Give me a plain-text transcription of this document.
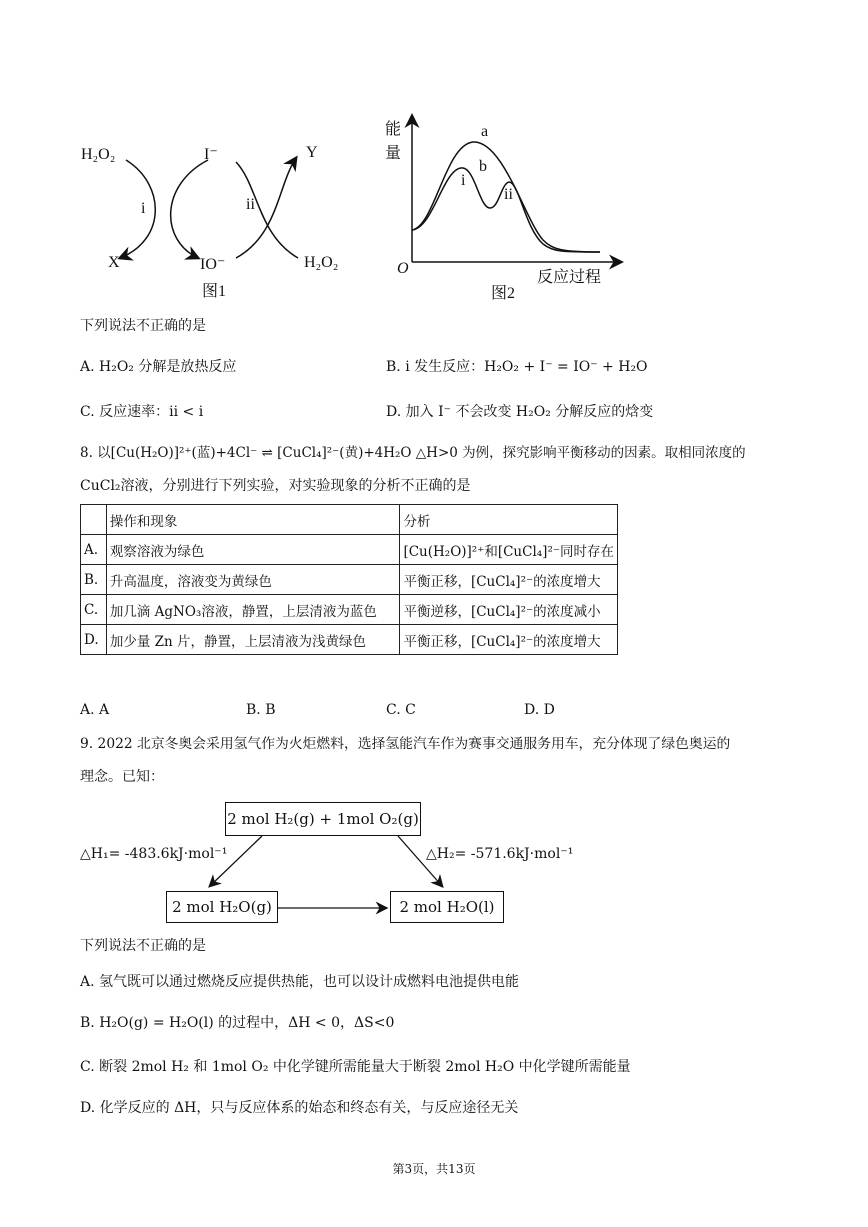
H₂O₂	I⁻	Y
i	ii
X	IO⁻	H₂O₂
图1
能
量
a
b
i
ii
O
反应过程
图2
下列说法不正确的是
A. H₂O₂ 分解是放热反应	B. i 发生反应：H₂O₂ + I⁻ = IO⁻ + H₂O
C. 反应速率：ii < i	D. 加入 I⁻ 不会改变 H₂O₂ 分解反应的焓变
8. 以[Cu(H₂O)]²⁺(蓝)+4Cl⁻ ⇌ [CuCl₄]²⁻(黄)+4H₂O △H>0 为例，探究影响平衡移动的因素。取相同浓度的
CuCl₂溶液，分别进行下列实验，对实验现象的分析不正确的是
	操作和现象	分析
A.	观察溶液为绿色	[Cu(H₂O)]²⁺和[CuCl₄]²⁻同时存在
B.	升高温度，溶液变为黄绿色	平衡正移，[CuCl₄]²⁻的浓度增大
C.	加几滴 AgNO₃溶液，静置，上层清液为蓝色	平衡逆移，[CuCl₄]²⁻的浓度减小
D.	加少量 Zn 片，静置，上层清液为浅黄绿色	平衡正移，[CuCl₄]²⁻的浓度增大
A. A	B. B	C. C	D. D
9. 2022 北京冬奥会采用氢气作为火炬燃料，选择氢能汽车作为赛事交通服务用车，充分体现了绿色奥运的
理念。已知：
2 mol H₂(g) + 1mol O₂(g)
2 mol H₂O(g)	2 mol H₂O(l)
△H₁= -483.6kJ·mol⁻¹	△H₂= -571.6kJ·mol⁻¹
下列说法不正确的是
A. 氢气既可以通过燃烧反应提供热能，也可以设计成燃料电池提供电能
B. H₂O(g) = H₂O(l) 的过程中，ΔH < 0，ΔS<0
C. 断裂 2mol H₂ 和 1mol O₂ 中化学键所需能量大于断裂 2mol H₂O 中化学键所需能量
D. 化学反应的 ΔH，只与反应体系的始态和终态有关，与反应途径无关
第3页，共13页
